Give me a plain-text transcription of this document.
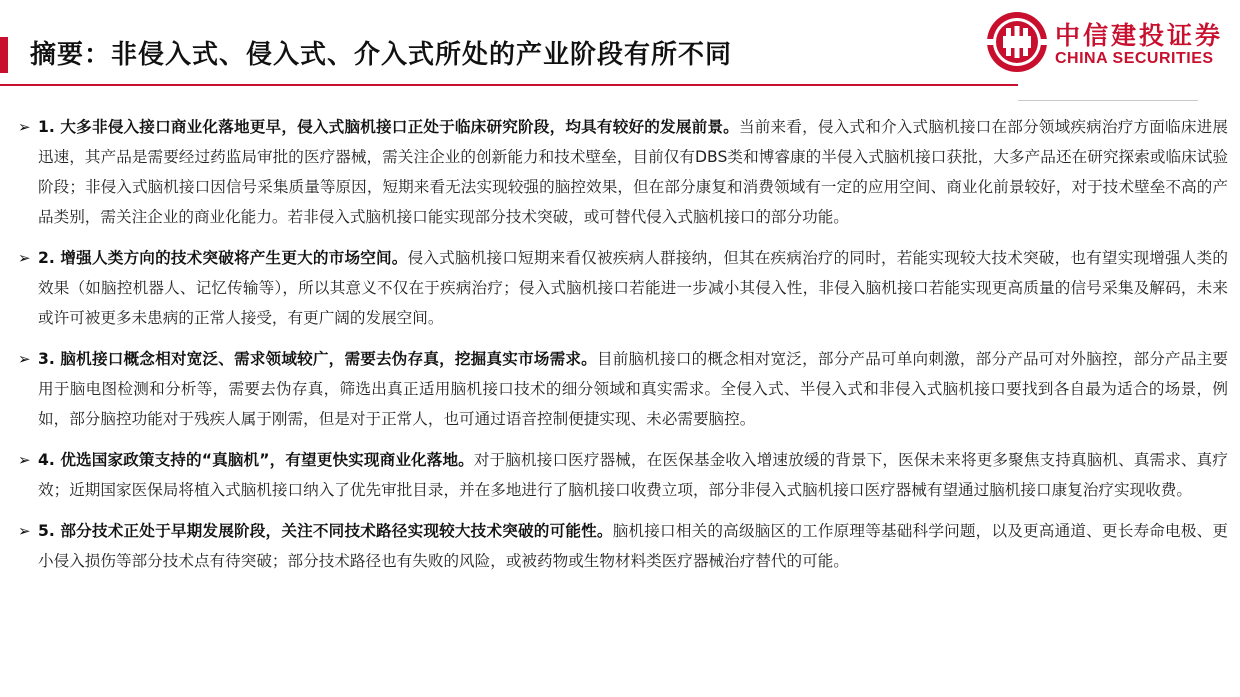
摘要：非侵入式、侵入式、介入式所处的产业阶段有所不同
中信建投证券
CHINA SECURITIES
➢ 1. 大多非侵入接口商业化落地更早，侵入式脑机接口正处于临床研究阶段，均具有较好的发展前景。当前来看，侵入式和介入式脑机接口在部分领域疾病治疗方面临床进展迅速，其产品是需要经过药监局审批的医疗器械，需关注企业的创新能力和技术壁垒，目前仅有DBS类和博睿康的半侵入式脑机接口获批，大多产品还在研究探索或临床试验阶段；非侵入式脑机接口因信号采集质量等原因，短期来看无法实现较强的脑控效果，但在部分康复和消费领域有一定的应用空间、商业化前景较好，对于技术壁垒不高的产品类别，需关注企业的商业化能力。若非侵入式脑机接口能实现部分技术突破，或可替代侵入式脑机接口的部分功能。

➢ 2. 增强人类方向的技术突破将产生更大的市场空间。侵入式脑机接口短期来看仅被疾病人群接纳，但其在疾病治疗的同时，若能实现较大技术突破，也有望实现增强人类的效果（如脑控机器人、记忆传输等），所以其意义不仅在于疾病治疗；侵入式脑机接口若能进一步减小其侵入性，非侵入脑机接口若能实现更高质量的信号采集及解码，未来或许可被更多未患病的正常人接受，有更广阔的发展空间。

➢ 3. 脑机接口概念相对宽泛、需求领域较广，需要去伪存真，挖掘真实市场需求。目前脑机接口的概念相对宽泛，部分产品可单向刺激，部分产品可对外脑控，部分产品主要用于脑电图检测和分析等，需要去伪存真，筛选出真正适用脑机接口技术的细分领域和真实需求。全侵入式、半侵入式和非侵入式脑机接口要找到各自最为适合的场景，例如，部分脑控功能对于残疾人属于刚需，但是对于正常人，也可通过语音控制便捷实现、未必需要脑控。

➢ 4. 优选国家政策支持的“真脑机”，有望更快实现商业化落地。对于脑机接口医疗器械，在医保基金收入增速放缓的背景下，医保未来将更多聚焦支持真脑机、真需求、真疗效；近期国家医保局将植入式脑机接口纳入了优先审批目录，并在多地进行了脑机接口收费立项，部分非侵入式脑机接口医疗器械有望通过脑机接口康复治疗实现收费。

➢ 5. 部分技术正处于早期发展阶段，关注不同技术路径实现较大技术突破的可能性。脑机接口相关的高级脑区的工作原理等基础科学问题，以及更高通道、更长寿命电极、更小侵入损伤等部分技术点有待突破；部分技术路径也有失败的风险，或被药物或生物材料类医疗器械治疗替代的可能。
